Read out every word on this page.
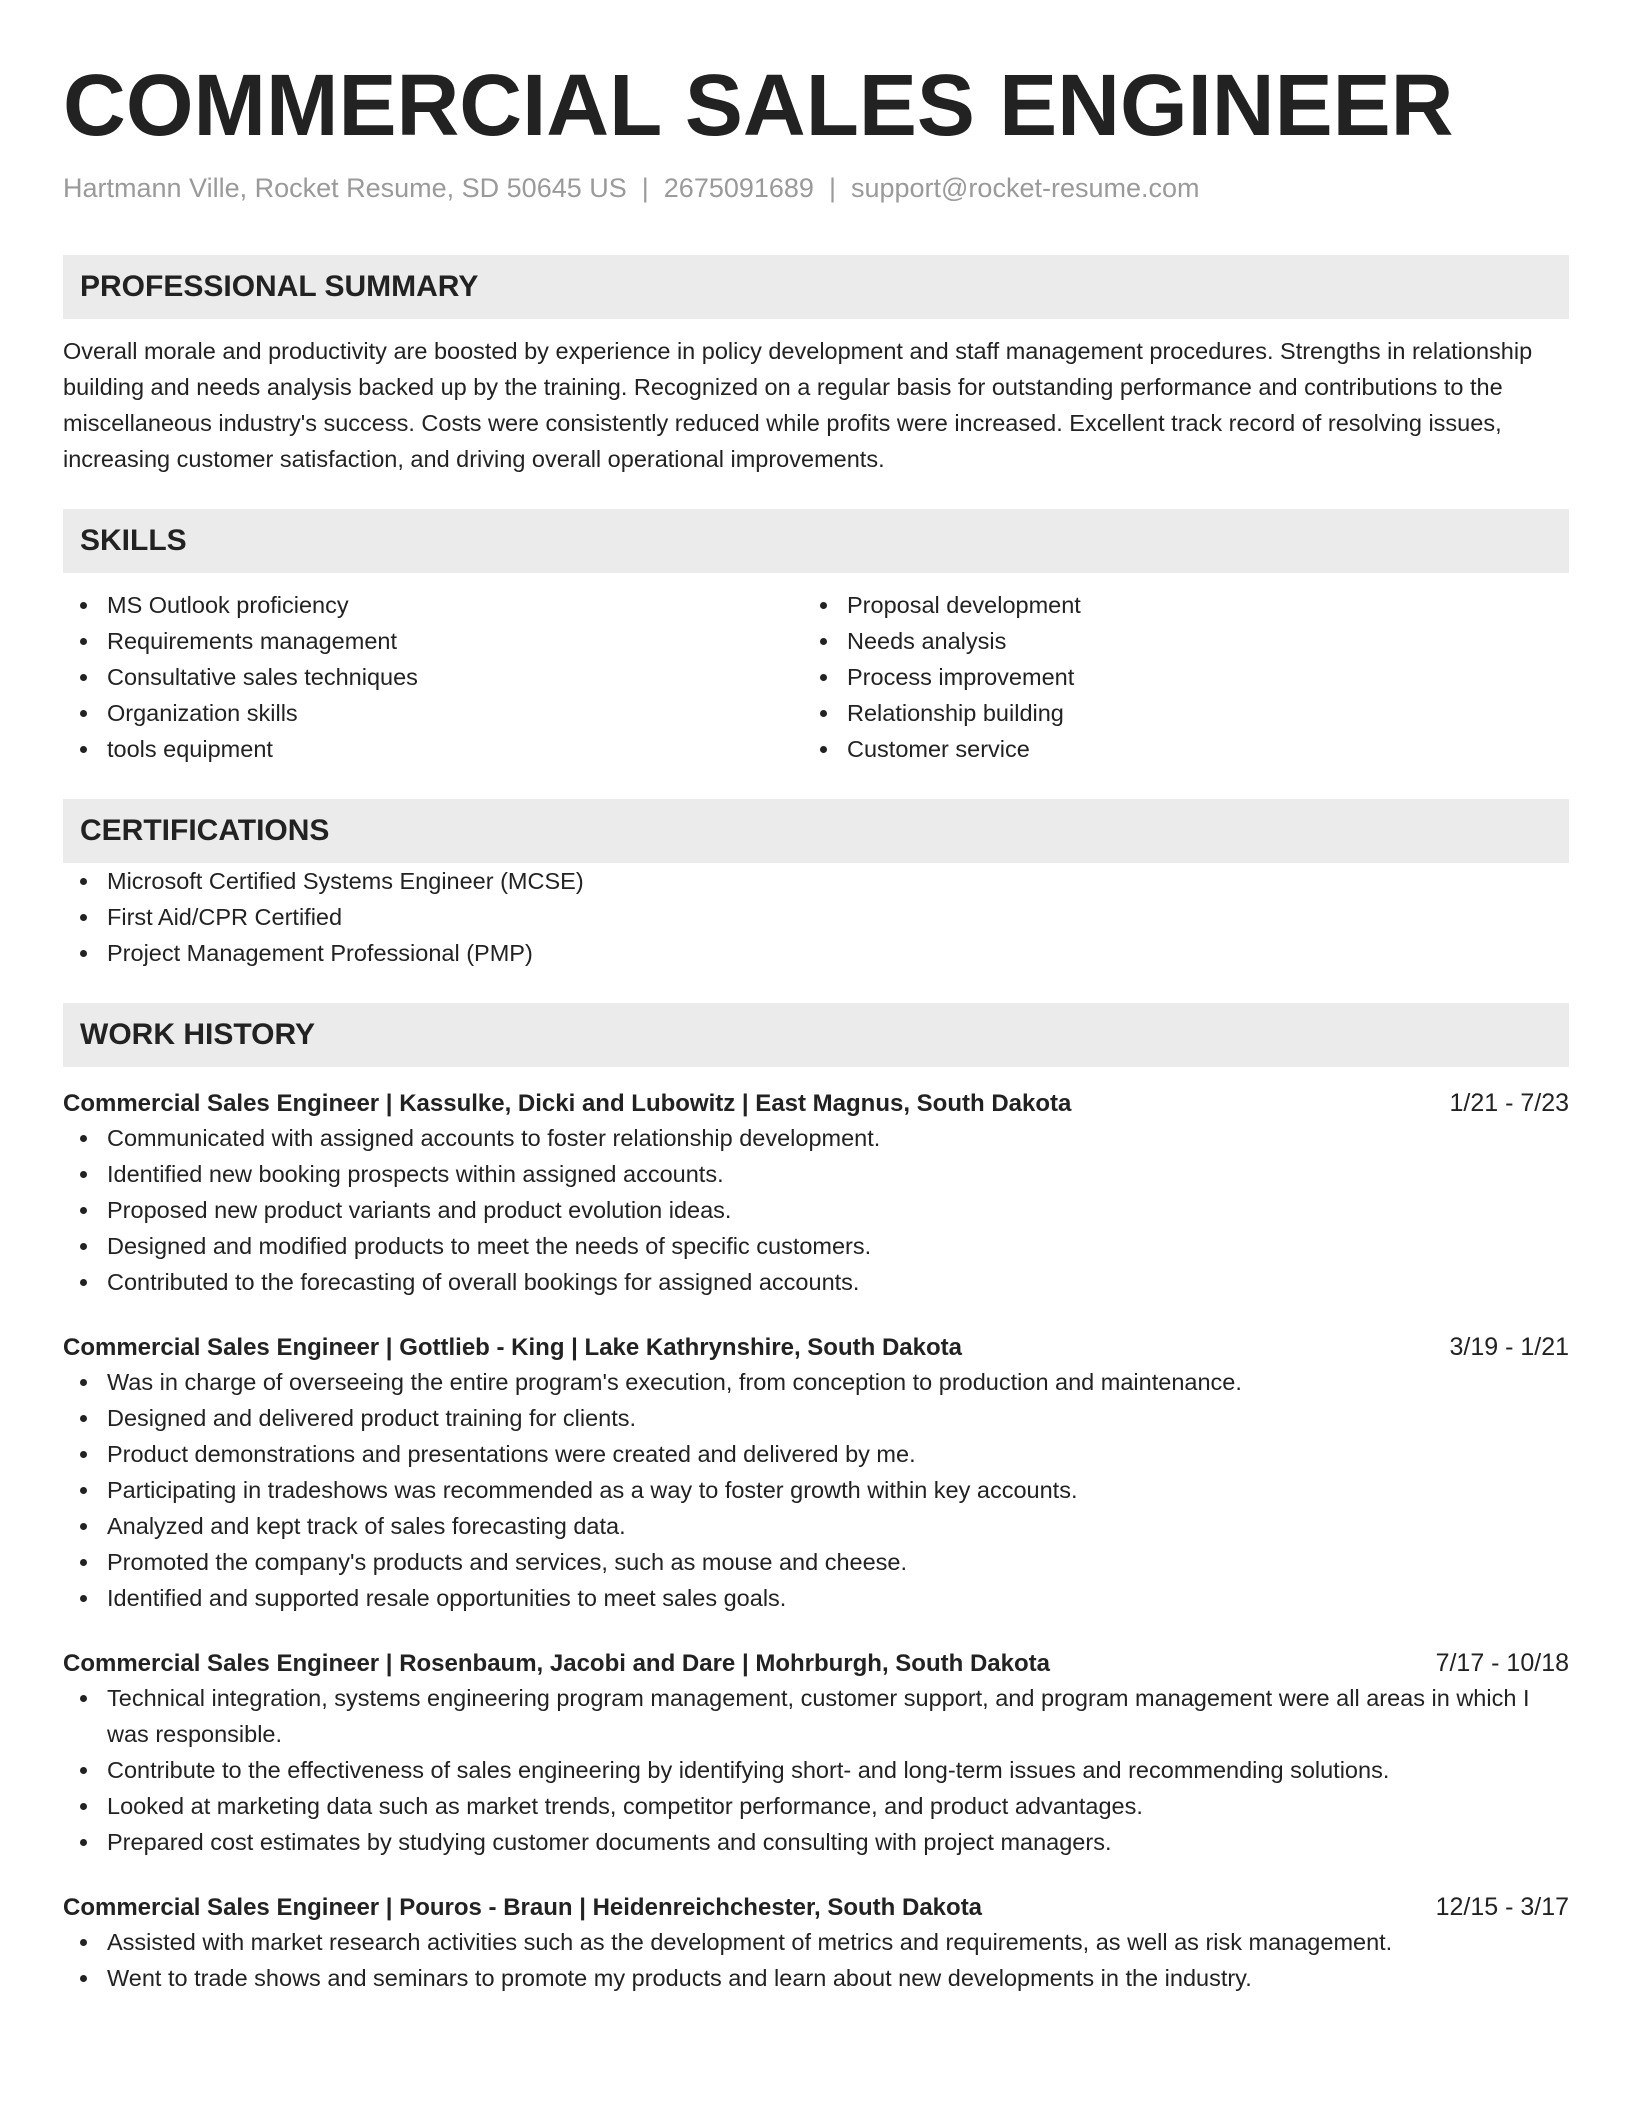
COMMERCIAL SALES ENGINEER
Hartmann Ville, Rocket Resume, SD 50645 US | 2675091689 | support@rocket-resume.com
PROFESSIONAL SUMMARY
Overall morale and productivity are boosted by experience in policy development and staff management procedures. Strengths in relationship building and needs analysis backed up by the training. Recognized on a regular basis for outstanding performance and contributions to the miscellaneous industry's success. Costs were consistently reduced while profits were increased. Excellent track record of resolving issues, increasing customer satisfaction, and driving overall operational improvements.
SKILLS
MS Outlook proficiency
Requirements management
Consultative sales techniques
Organization skills
tools equipment
Proposal development
Needs analysis
Process improvement
Relationship building
Customer service
CERTIFICATIONS
Microsoft Certified Systems Engineer (MCSE)
First Aid/CPR Certified
Project Management Professional (PMP)
WORK HISTORY
Commercial Sales Engineer | Kassulke, Dicki and Lubowitz | East Magnus, South Dakota	1/21 - 7/23
Communicated with assigned accounts to foster relationship development.
Identified new booking prospects within assigned accounts.
Proposed new product variants and product evolution ideas.
Designed and modified products to meet the needs of specific customers.
Contributed to the forecasting of overall bookings for assigned accounts.
Commercial Sales Engineer | Gottlieb - King | Lake Kathrynshire, South Dakota	3/19 - 1/21
Was in charge of overseeing the entire program's execution, from conception to production and maintenance.
Designed and delivered product training for clients.
Product demonstrations and presentations were created and delivered by me.
Participating in tradeshows was recommended as a way to foster growth within key accounts.
Analyzed and kept track of sales forecasting data.
Promoted the company's products and services, such as mouse and cheese.
Identified and supported resale opportunities to meet sales goals.
Commercial Sales Engineer | Rosenbaum, Jacobi and Dare | Mohrburgh, South Dakota	7/17 - 10/18
Technical integration, systems engineering program management, customer support, and program management were all areas in which I was responsible.
Contribute to the effectiveness of sales engineering by identifying short- and long-term issues and recommending solutions.
Looked at marketing data such as market trends, competitor performance, and product advantages.
Prepared cost estimates by studying customer documents and consulting with project managers.
Commercial Sales Engineer | Pouros - Braun | Heidenreichchester, South Dakota	12/15 - 3/17
Assisted with market research activities such as the development of metrics and requirements, as well as risk management.
Went to trade shows and seminars to promote my products and learn about new developments in the industry.
